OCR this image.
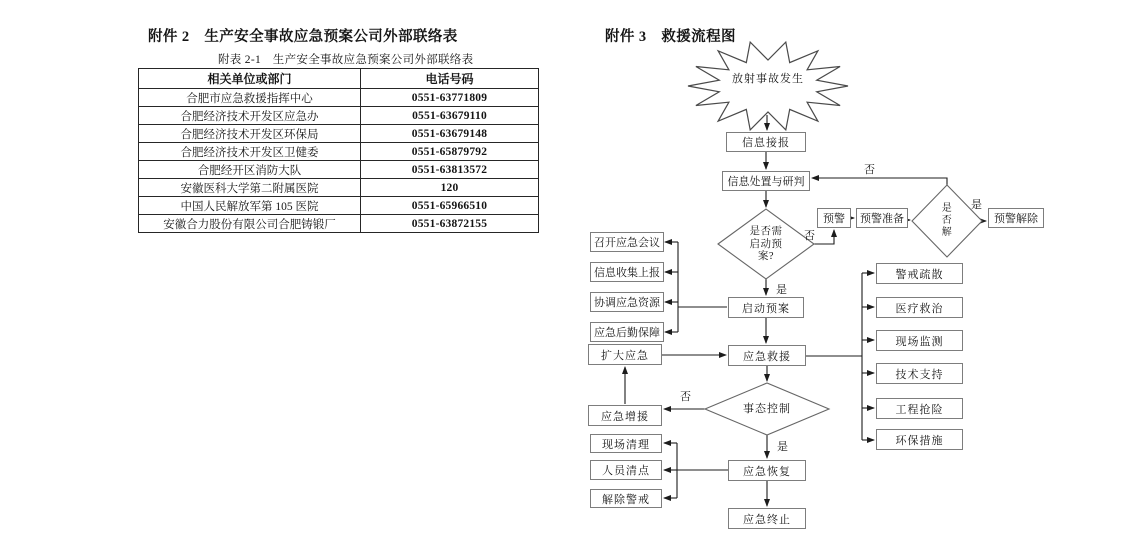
附件 2　生产安全事故应急预案公司外部联络表
附表 2-1　生产安全事故应急预案公司外部联络表
相关单位或部门	电话号码
合肥市应急救援指挥中心	0551-63771809
合肥经济技术开发区应急办	0551-63679110
合肥经济技术开发区环保局	0551-63679148
合肥经济技术开发区卫健委	0551-65879792
合肥经开区消防大队	0551-63813572
安徽医科大学第二附属医院	120
中国人民解放军第 105 医院	0551-65966510
安徽合力股份有限公司合肥铸锻厂	0551-63872155
附件 3　救援流程图
放射事故发生
信息接报
信息处置与研判
预警	预警准备	预警解除
召开应急会议
信息收集上报
协调应急资源
应急后勤保障
启动预案
扩大应急	应急救援
警戒疏散
医疗救治
现场监测
技术支持
工程抢险
环保措施
应急增援
现场清理
人员清点
解除警戒
应急恢复
应急终止
是否需启动预案?
是否解
事态控制
否
否
是
是
否
是
